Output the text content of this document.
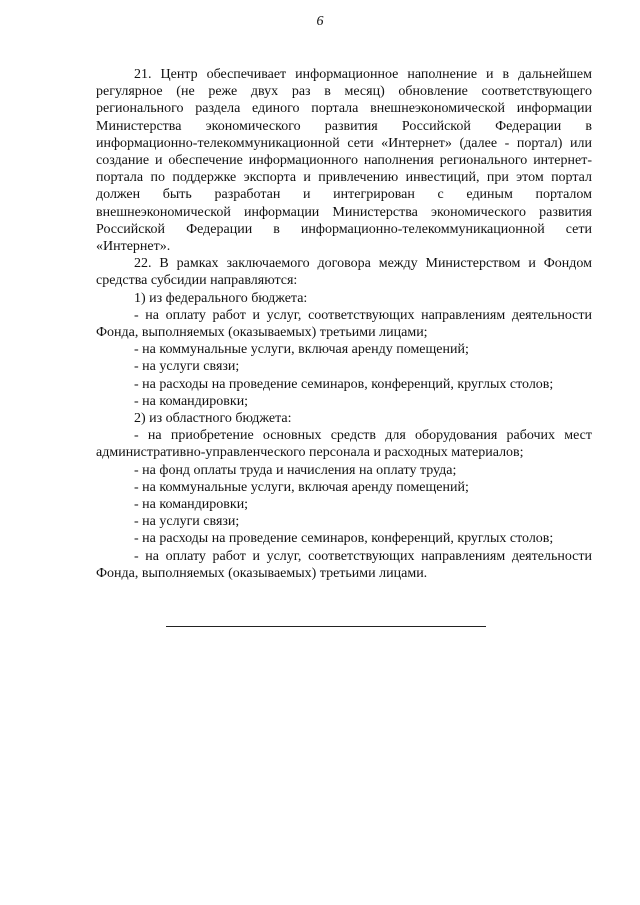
6

21. Центр обеспечивает информационное наполнение и в дальнейшем регулярное (не реже двух раз в месяц) обновление соответствующего регионального раздела единого портала внешнеэкономической информации Министерства экономического развития Российской Федерации в информационно-телекоммуникационной сети «Интернет» (далее - портал) или создание и обеспечение информационного наполнения регионального интернет-портала по поддержке экспорта и привлечению инвестиций, при этом портал должен быть разработан и интегрирован с единым порталом внешнеэкономической информации Министерства экономического развития Российской Федерации в информационно-телекоммуникационной сети «Интернет».

22. В рамках заключаемого договора между Министерством и Фондом средства субсидии направляются:

1) из федерального бюджета:

- на оплату работ и услуг, соответствующих направлениям деятельности Фонда, выполняемых (оказываемых) третьими лицами;

- на коммунальные услуги, включая аренду помещений;

- на услуги связи;

- на расходы на проведение семинаров, конференций, круглых столов;

- на командировки;

2) из областного бюджета:

- на приобретение основных средств для оборудования рабочих мест административно-управленческого персонала и расходных материалов;

- на фонд оплаты труда и начисления на оплату труда;

- на коммунальные услуги, включая аренду помещений;

- на командировки;

- на услуги связи;

- на расходы на проведение семинаров, конференций, круглых столов;

- на оплату работ и услуг, соответствующих направлениям деятельности Фонда, выполняемых (оказываемых) третьими лицами.
